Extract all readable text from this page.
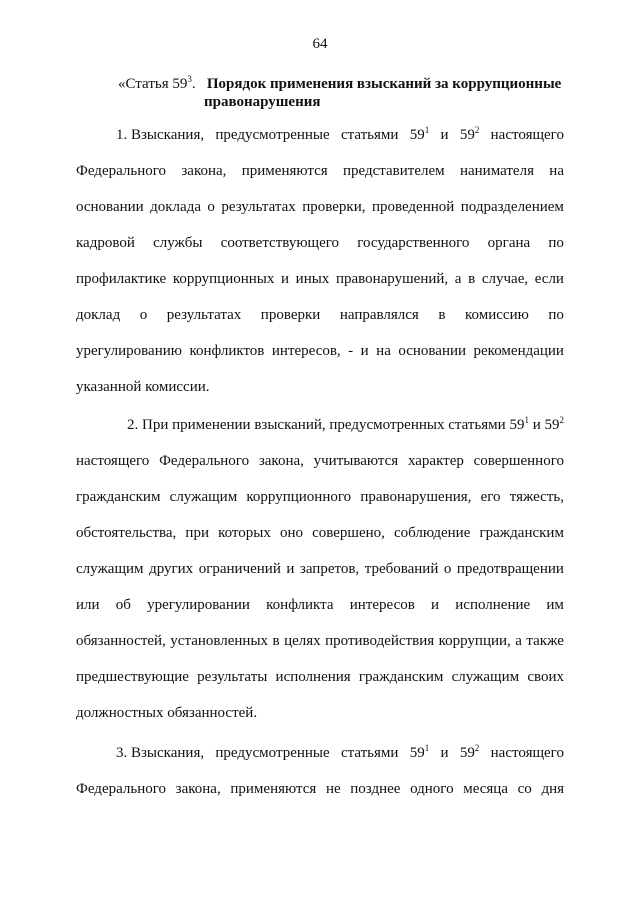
64
«Статья $59^3$. Порядок применения взысканий за коррупционные
правонарушения
1. Взыскания, предусмотренные статьями $59^1$ и $59^2$ настоящего
Федерального закона, применяются представителем нанимателя на
основании доклада о результатах проверки, проведенной подразделением
кадровой службы соответствующего государственного органа по
профилактике коррупционных и иных правонарушений, а в случае, если
доклад о результатах проверки направлялся в комиссию по
урегулированию конфликтов интересов, - и на основании рекомендации
указанной комиссии.
2. При применении взысканий, предусмотренных статьями $59^1$ и $59^2$
настоящего Федерального закона, учитываются характер совершенного
гражданским служащим коррупционного правонарушения, его тяжесть,
обстоятельства, при которых оно совершено, соблюдение гражданским
служащим других ограничений и запретов, требований о предотвращении
или об урегулировании конфликта интересов и исполнение им
обязанностей, установленных в целях противодействия коррупции, а также
предшествующие результаты исполнения гражданским служащим своих
должностных обязанностей.
3. Взыскания, предусмотренные статьями $59^1$ и $59^2$ настоящего
Федерального закона, применяются не позднее одного месяца со дня
